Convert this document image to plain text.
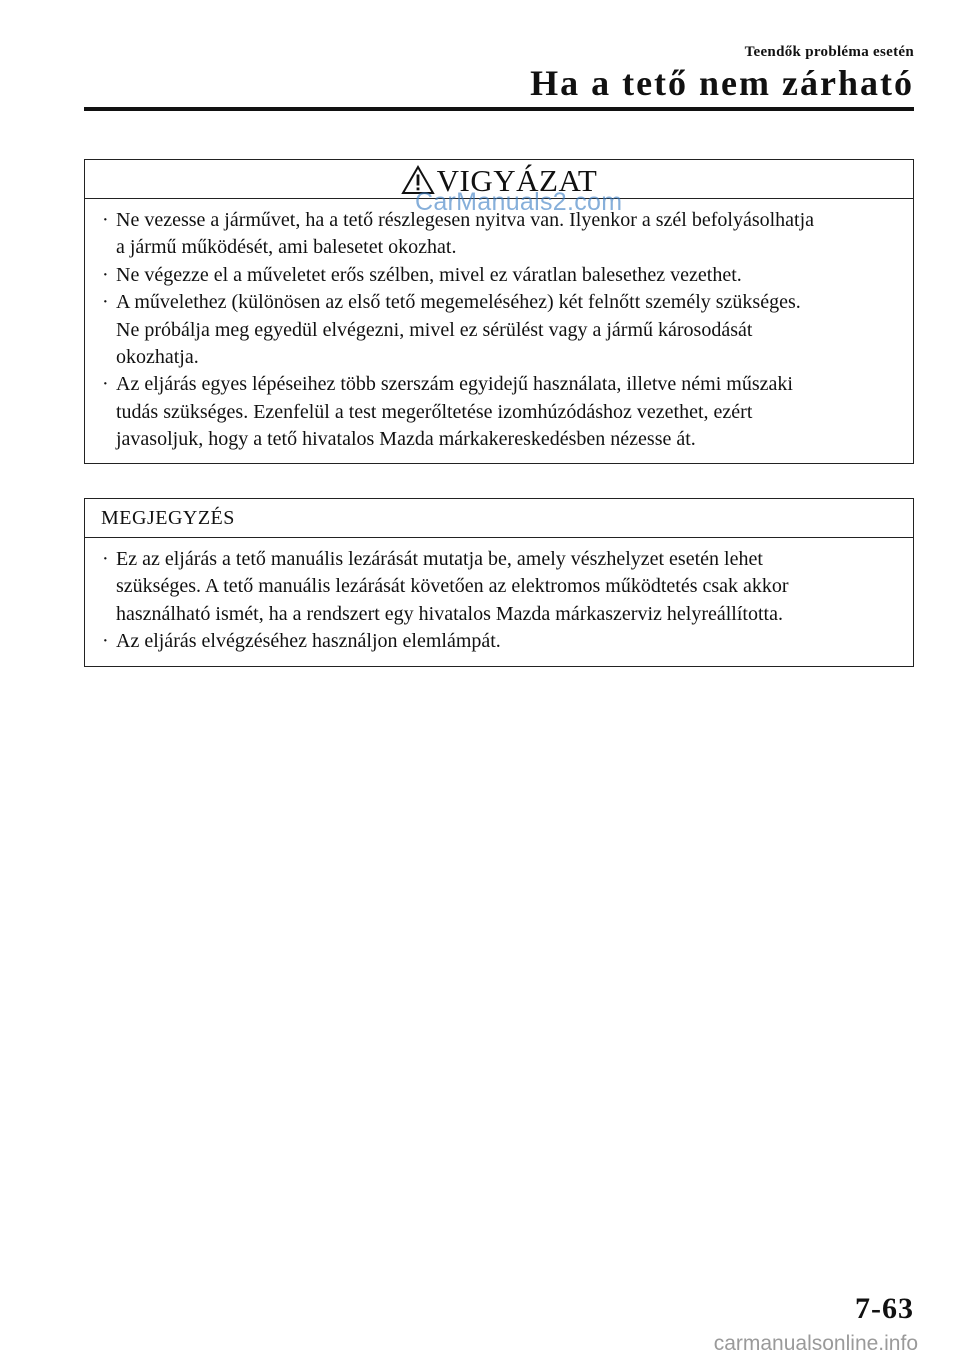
Teendők probléma esetén
Ha a tető nem zárható
VIGYÁZAT
CarManuals2.com
· Ne vezesse a járművet, ha a tető részlegesen nyitva van. Ilyenkor a szél befolyásolhatja
a jármű működését, ami balesetet okozhat.
· Ne végezze el a műveletet erős szélben, mivel ez váratlan balesethez vezethet.
· A művelethez (különösen az első tető megemeléséhez) két felnőtt személy szükséges.
Ne próbálja meg egyedül elvégezni, mivel ez sérülést vagy a jármű károsodását
okozhatja.
· Az eljárás egyes lépéseihez több szerszám egyidejű használata, illetve némi műszaki
tudás szükséges. Ezenfelül a test megerőltetése izomhúzódáshoz vezethet, ezért
javasoljuk, hogy a tető hivatalos Mazda márkakereskedésben nézesse át.
MEGJEGYZÉS
· Ez az eljárás a tető manuális lezárását mutatja be, amely vészhelyzet esetén lehet
szükséges. A tető manuális lezárását követően az elektromos működtetés csak akkor
használható ismét, ha a rendszert egy hivatalos Mazda márkaszerviz helyreállította.
· Az eljárás elvégzéséhez használjon elemlámpát.
7-63
carmanualsonline.info
